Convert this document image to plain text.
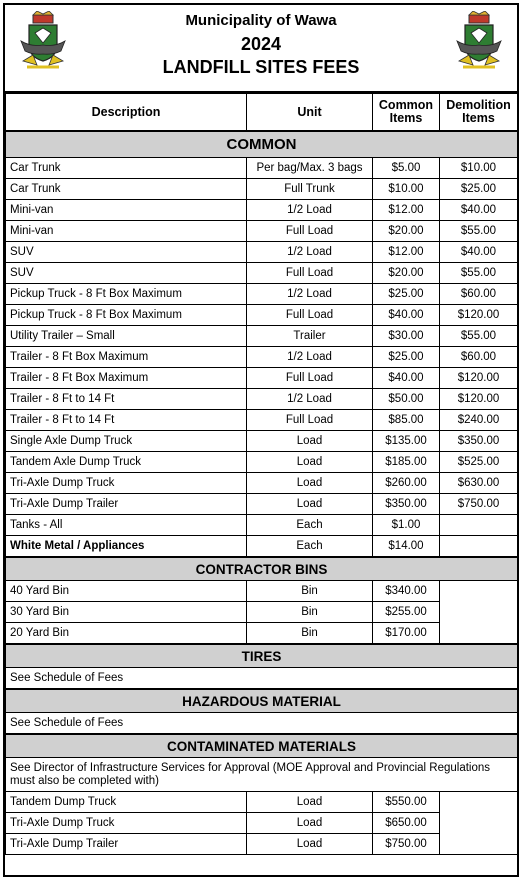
Municipality of Wawa
2024
LANDFILL SITES FEES
Description	Unit	Common Items	Demolition Items
COMMON			
Car Trunk	Per bag/Max. 3 bags	$5.00	$10.00
Car Trunk	Full Trunk	$10.00	$25.00
Mini-van	1/2 Load	$12.00	$40.00
Mini-van	Full Load	$20.00	$55.00
SUV	1/2 Load	$12.00	$40.00
SUV	Full Load	$20.00	$55.00
Pickup Truck - 8 Ft Box Maximum	1/2 Load	$25.00	$60.00
Pickup Truck - 8 Ft Box Maximum	Full Load	$40.00	$120.00
Utility Trailer – Small	Trailer	$30.00	$55.00
Trailer - 8 Ft Box Maximum	1/2 Load	$25.00	$60.00
Trailer - 8 Ft Box Maximum	Full Load	$40.00	$120.00
Trailer - 8 Ft to 14 Ft	1/2 Load	$50.00	$120.00
Trailer - 8 Ft to 14 Ft	Full Load	$85.00	$240.00
Single Axle Dump Truck	Load	$135.00	$350.00
Tandem Axle Dump Truck	Load	$185.00	$525.00
Tri-Axle Dump Truck	Load	$260.00	$630.00
Tri-Axle Dump Trailer	Load	$350.00	$750.00
Tanks - All	Each	$1.00	
White Metal / Appliances	Each	$14.00	
CONTRACTOR BINS			
40 Yard Bin	Bin	$340.00	
30 Yard Bin	Bin	$255.00	
20 Yard Bin	Bin	$170.00	
TIRES			
See Schedule of Fees			
HAZARDOUS MATERIAL			
See Schedule of Fees			
CONTAMINATED MATERIALS			
See Director of Infrastructure Services for Approval (MOE Approval and Provincial Regulations must also be completed with)			
Tandem Dump Truck	Load	$550.00	
Tri-Axle Dump Truck	Load	$650.00	
Tri-Axle Dump Trailer	Load	$750.00	
